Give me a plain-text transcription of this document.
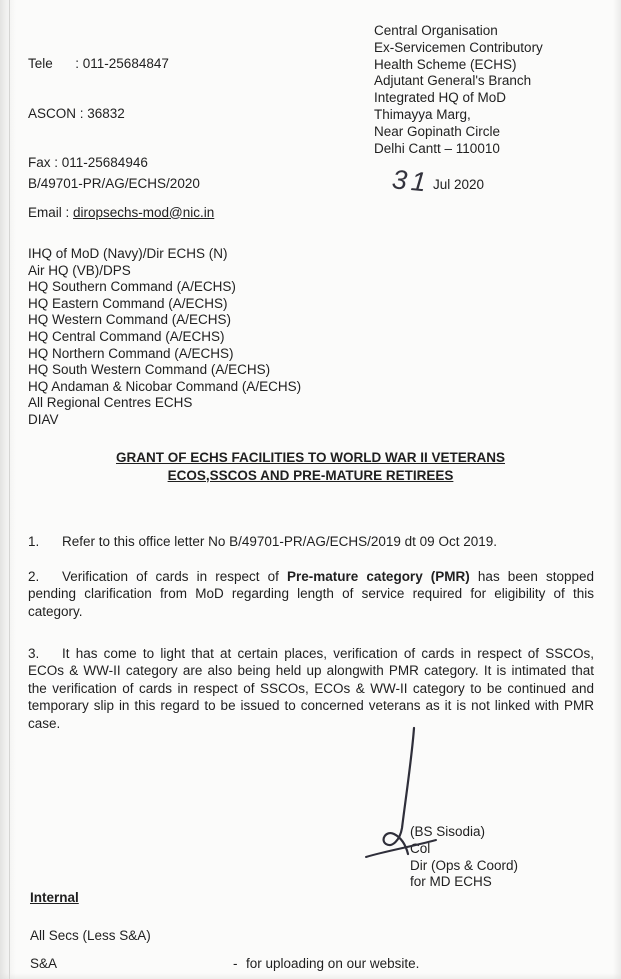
Tele      : 011-25684847

ASCON : 36832

Fax : 011-25684946

Email : diropsechs-mod@nic.in

Central Organisation
Ex-Servicemen Contributory
Health Scheme (ECHS)
Adjutant General's Branch
Integrated HQ of MoD
Thimayya Marg,
Near Gopinath Circle
Delhi Cantt – 110010
B/49701-PR/AG/ECHS/2020	31 Jul 2020
IHQ of MoD (Navy)/Dir ECHS (N)
Air HQ (VB)/DPS
HQ Southern Command (A/ECHS)
HQ Eastern Command (A/ECHS)
HQ Western Command (A/ECHS)
HQ Central Command (A/ECHS)
HQ Northern Command (A/ECHS)
HQ South Western Command (A/ECHS)
HQ Andaman & Nicobar Command (A/ECHS)
All Regional Centres ECHS
DIAV
GRANT OF ECHS FACILITIES TO WORLD WAR II VETERANS
ECOS,SSCOS AND PRE-MATURE RETIREES
1. Refer to this office letter No B/49701-PR/AG/ECHS/2019 dt 09 Oct 2019.
2. Verification of cards in respect of Pre-mature category (PMR) has been stopped pending clarification from MoD regarding length of service required for eligibility of this category.
3. It has come to light that at certain places, verification of cards in respect of SSCOs, ECOs & WW-II category are also being held up alongwith PMR category. It is intimated that the verification of cards in respect of SSCOs, ECOs & WW-II category to be continued and temporary slip in this regard to be issued to concerned veterans as it is not linked with PMR case.
(BS Sisodia)
Col
Dir (Ops & Coord)
for MD ECHS
Internal
All Secs (Less S&A)
S&A	- for uploading on our website.
